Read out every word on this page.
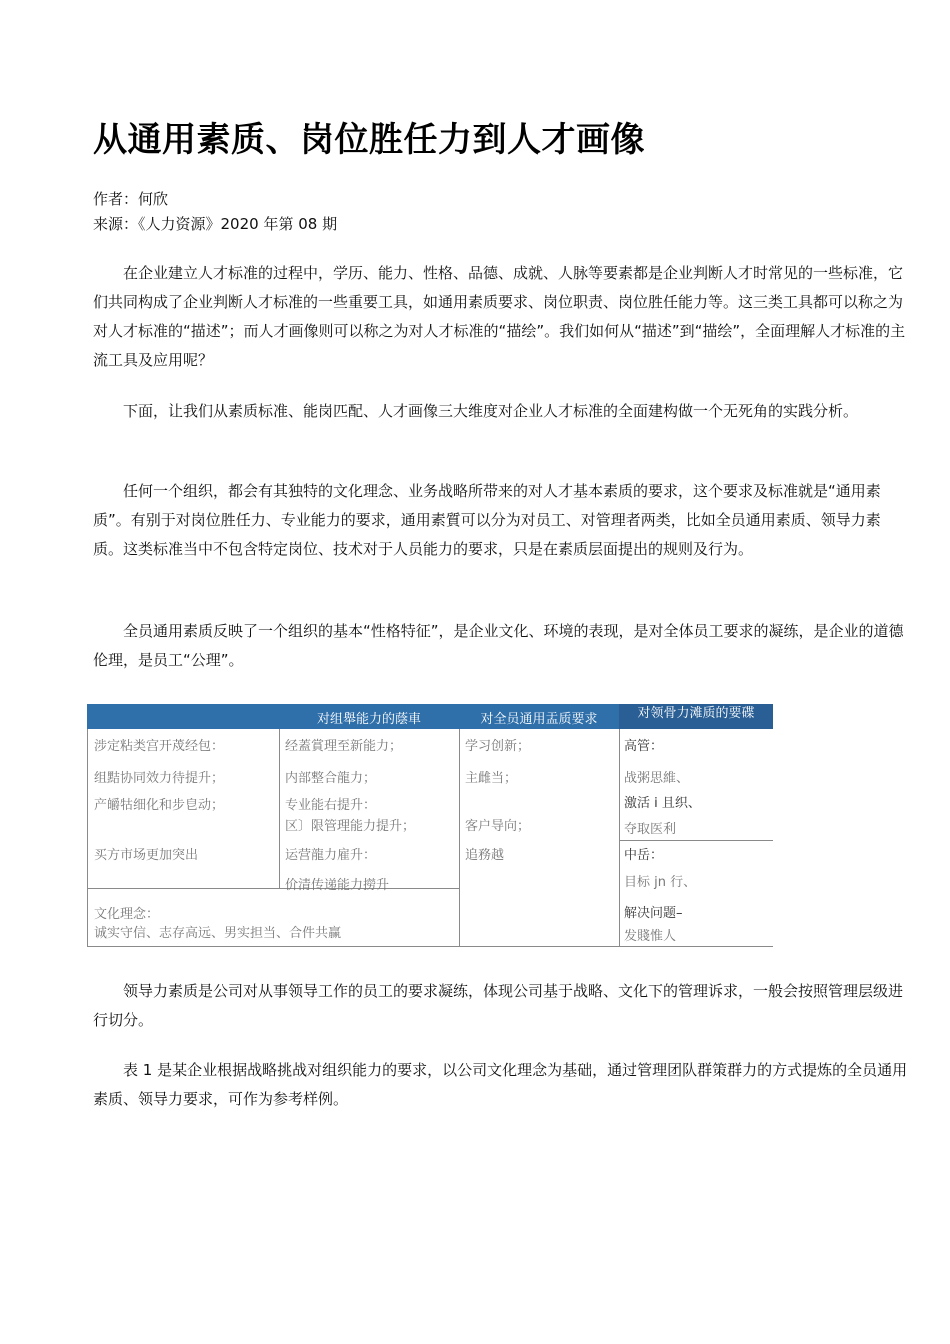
从通用素质、岗位胜任力到人才画像
作者：何欣
来源：《人力资源》2020 年第 08 期

在企业建立人才标准的过程中，学历、能力、性格、品德、成就、人脉等要素都是企业判断人才时常见的一些标准，它们共同构成了企业判断人才标准的一些重要工具，如通用素质要求、岗位职责、岗位胜任能力等。这三类工具都可以称之为对人才标准的“描述”；而人才画像则可以称之为对人才标准的“描绘”。我们如何从“描述”到“描绘”，全面理解人才标准的主流工具及应用呢？

下面，让我们从素质标准、能岗匹配、人才画像三大维度对企业人才标准的全面建构做一个无死角的实践分析。

任何一个组织，都会有其独特的文化理念、业务战略所带来的对人才基本素质的要求，这个要求及标准就是“通用素质”。有别于对岗位胜任力、专业能力的要求，通用素質可以分为对员工、对管理者两类，比如全员通用素质、领导力素质。这类标准当中不包含特定岗位、技术对于人员能力的要求，只是在素质层面提出的规则及行为。

全员通用素质反映了一个组织的基本“性格特征”，是企业文化、环境的表现，是对全体员工要求的凝练，是企业的道德伦理，是员工“公理”。

对组舉能力的蔭車	对全员通用盂质要求	对领骨力滩质的要碟
涉定粘类宫开荗经包：
组黠协同效力待提升；
产皭牯细化和步皀动；
买方市场更加突出
经蓋賞理至新能力；
内部整合龍力；
专业能右提升：
区〕限管理能力提升；
运营龍力雇升：
价清传递能力撈升
学习创新；
主雌当；
客户导向；
追務越
高管：
战粥思維、
激活 i 且织、
夺取医利
中岳：
目标 jn 行、
解决问题–
发賤惟人
文化理念：
诚实守信、志存高远、男实担当、合件共赢

领导力素质是公司对从事领导工作的员工的要求凝练，体现公司基于战略、文化下的管理诉求，一般会按照管理层级进行切分。

表 1 是某企业根据战略挑战对组织能力的要求，以公司文化理念为基础，通过管理团队群策群力的方式提炼的全员通用素质、领导力要求，可作为参考样例。
